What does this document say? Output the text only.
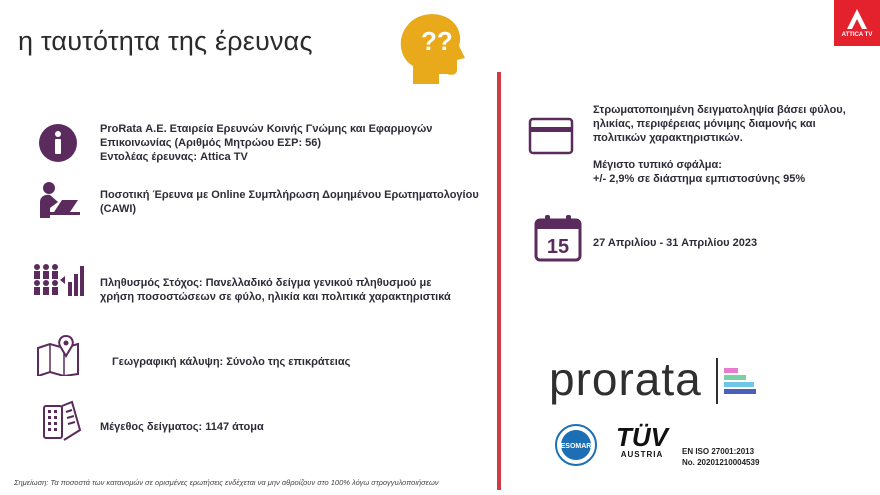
η ταυτότητα της έρευνας	??	ATTICA TV
ProRata Α.Ε. Εταιρεία Ερευνών Κοινής Γνώμης και Εφαρμογών
Επικοινωνίας (Αριθμός Μητρώου ΕΣΡ: 56)
Εντολέας έρευνας: Attica TV
Ποσοτική Έρευνα με Online Συμπλήρωση Δομημένου Ερωτηματολογίου
(CAWI)
Πληθυσμός Στόχος: Πανελλαδικό δείγμα γενικού πληθυσμού με
χρήση ποσοστώσεων σε φύλο, ηλικία και πολιτικά χαρακτηριστικά
Γεωγραφική κάλυψη: Σύνολο της επικράτειας
Μέγεθος δείγματος: 1147 άτομα
Στρωματοποιημένη δειγματοληψία βάσει φύλου,
ηλικίας, περιφέρειας μόνιμης διαμονής και
πολιτικών χαρακτηριστικών.
Μέγιστο τυπικό σφάλμα:
+/- 2,9% σε διάστημα εμπιστοσύνης 95%
15 27 Απριλίου - 31 Απριλίου 2023
prorata
ESOMAR TÜV
AUSTRIA	EN ISO 27001:2013
No. 20201210004539
Σημείωση: Τα ποσοστά των κατανομών σε ορισμένες ερωτήσεις ενδέχεται να μην αθροίζουν στο 100% λόγω στρογγυλοποιήσεων
